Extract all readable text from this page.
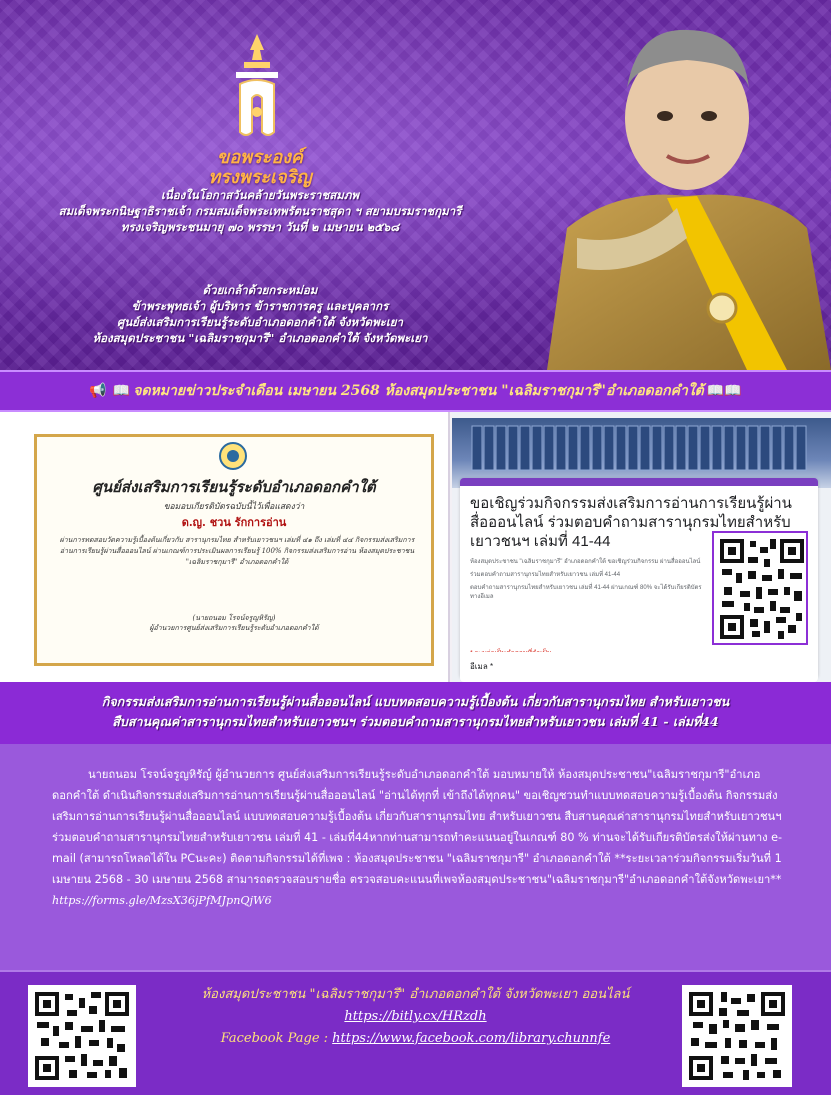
ขอพระองค์
ทรงพระเจริญ
เนื่องในโอกาสวันคล้ายวันพระราชสมภพ
สมเด็จพระกนิษฐาธิราชเจ้า กรมสมเด็จพระเทพรัตนราชสุดา ฯ สยามบรมราชกุมารี
ทรงเจริญพระชนมายุ ๗๐ พรรษา วันที่ ๒ เมษายน ๒๕๖๘
ด้วยเกล้าด้วยกระหม่อม
ข้าพระพุทธเจ้า ผู้บริหาร ข้าราชการครู และบุคลากร
ศูนย์ส่งเสริมการเรียนรู้ระดับอำเภอดอกคำใต้ จังหวัดพะเยา
ห้องสมุดประชาชน "เฉลิมราชกุมารี" อำเภอดอกคำใต้ จังหวัดพะเยา
📢 📖 จดหมายข่าวประจำเดือน เมษายน 2568 ห้องสมุดประชาชน "เฉลิมราชกุมารี"อำเภอดอกคำใต้ 📖📖
ศูนย์ส่งเสริมการเรียนรู้ระดับอำเภอดอกคำใต้
ขอมอบเกียรติบัตรฉบับนี้ไว้เพื่อแสดงว่า
ด.ญ. ชวน รักการอ่าน
ผ่านการทดสอบวัดความรู้เบื้องต้นเกี่ยวกับ สารานุกรมไทย สำหรับเยาวชนฯ เล่มที่ ๔๑ ถึง เล่มที่ ๔๔ กิจกรรมส่งเสริมการอ่านการเรียนรู้ผ่านสื่อออนไลน์ ผ่านเกณฑ์การประเมินผลการเรียนรู้ 100% กิจกรรมส่งเสริมการอ่าน ห้องสมุดประชาชน "เฉลิมราชกุมารี" อำเภอดอกคำใต้
(นายถนอม โรจน์จรูญหิรัญ)
ผู้อำนวยการศูนย์ส่งเสริมการเรียนรู้ระดับอำเภอดอกคำใต้
ขอเชิญร่วมกิจกรรมส่งเสริมการอ่านการเรียนรู้ผ่านสื่อออนไลน์ ร่วมตอบคำถามสารานุกรมไทยสำหรับเยาวชนฯ เล่มที่ 41-44
ห้องสมุดประชาชน "เฉลิมราชกุมารี" อำเภอดอกคำใต้ ขอเชิญร่วมกิจกรรม ผ่านสื่อออนไลน์
ร่วมตอบคำถามสารานุกรมไทยสำหรับเยาวชน เล่มที่ 41-44
ตอบคำถามสารานุกรมไทยสำหรับเยาวชน เล่มที่ 41-44 ผ่านเกณฑ์ 80% จะได้รับเกียรติบัตรทางอีเมล
อีเมล *
กิจกรรมส่งเสริมการอ่านการเรียนรู้ผ่านสื่อออนไลน์ แบบทดสอบความรู้เบื้องต้น เกี่ยวกับสารานุกรมไทย สำหรับเยาวชน
สืบสานคุณค่าสารานุกรมไทยสำหรับเยาวชนฯ ร่วมตอบคำถามสารานุกรมไทยสำหรับเยาวชน เล่มที่ 41 - เล่มที่44

นายถนอม โรจน์จรูญหิรัญ์ ผู้อำนวยการ ศูนย์ส่งเสริมการเรียนรู้ระดับอำเภอดอกคำใต้ มอบหมายให้ ห้องสมุดประชาชน"เฉลิมราชกุมารี"อำเภอดอกคำใต้ ดำเนินกิจกรรมส่งเสริมการอ่านการเรียนรู้ผ่านสื่อออนไลน์ "อ่านได้ทุกที่ เข้าถึงได้ทุกคน" ขอเชิญชวนทำแบบทดสอบความรู้เบื้องต้น กิจกรรมส่งเสริมการอ่านการเรียนรู้ผ่านสื่อออนไลน์ แบบทดสอบความรู้เบื้องต้น เกี่ยวกับสารานุกรมไทย สำหรับเยาวชน สืบสานคุณค่าสารานุกรมไทยสำหรับเยาวชนฯ ร่วมตอบคำถามสารานุกรมไทยสำหรับเยาวชน เล่มที่ 41 - เล่มที่44หากท่านสามารถทำคะแนนอยู่ในเกณฑ์ 80 % ท่านจะได้รับเกียรติบัตรส่งให้ผ่านทาง e-mail (สามารถโหลดได้ใน PCนะคะ) ติดตามกิจกรรมได้ที่เพจ : ห้องสมุดประชาชน "เฉลิมราชกุมารี" อำเภอดอกคำใต้ **ระยะเวลาร่วมกิจกรรมเริ่มวันที่ 1 เมษายน 2568 - 30 เมษายน 2568 สามารถตรวจสอบรายชื่อ ตรวจสอบคะแนนที่เพจห้องสมุดประชาชน"เฉลิมราชกุมารี"อำเภอดอกคำใต้จังหวัดพะเยา** https://forms.gle/MzsX36jPfMJpnQjW6

ห้องสมุดประชาชน "เฉลิมราชกุมารี" อำเภอดอกคำใต้ จังหวัดพะเยา ออนไลน์
https://bitly.cx/HRzdh
Facebook Page : https://www.facebook.com/library.chunnfe
